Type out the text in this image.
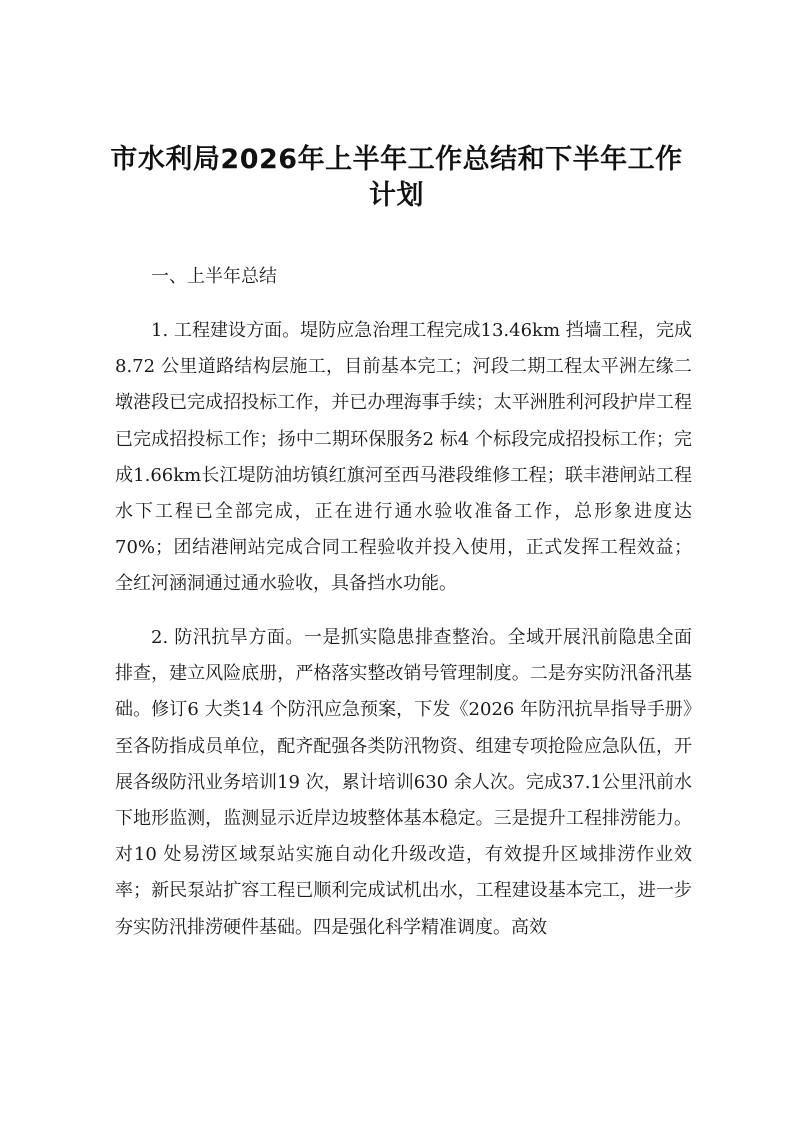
市水利局2026年上半年工作总结和下半年工作计划
一、上半年总结
1. 工程建设方面。堤防应急治理工程完成13.46km 挡墙工程，完成8.72 公里道路结构层施工，目前基本完工；河段二期工程太平洲左缘二墩港段已完成招投标工作，并已办理海事手续；太平洲胜利河段护岸工程已完成招投标工作；扬中二期环保服务2 标4 个标段完成招投标工作；完成1.66km长江堤防油坊镇红旗河至西马港段维修工程；联丰港闸站工程水下工程已全部完成，正在进行通水验收准备工作，总形象进度达70%；团结港闸站完成合同工程验收并投入使用，正式发挥工程效益；全红河涵洞通过通水验收，具备挡水功能。
2. 防汛抗旱方面。一是抓实隐患排查整治。全域开展汛前隐患全面排查，建立风险底册，严格落实整改销号管理制度。二是夯实防汛备汛基础。修订6 大类14 个防汛应急预案，下发《2026 年防汛抗旱指导手册》至各防指成员单位，配齐配强各类防汛物资、组建专项抢险应急队伍，开展各级防汛业务培训19 次，累计培训630 余人次。完成37.1公里汛前水下地形监测，监测显示近岸边坡整体基本稳定。三是提升工程排涝能力。对10 处易涝区域泵站实施自动化升级改造，有效提升区域排涝作业效率；新民泵站扩容工程已顺利完成试机出水，工程建设基本完工，进一步夯实防汛排涝硬件基础。四是强化科学精准调度。高效
